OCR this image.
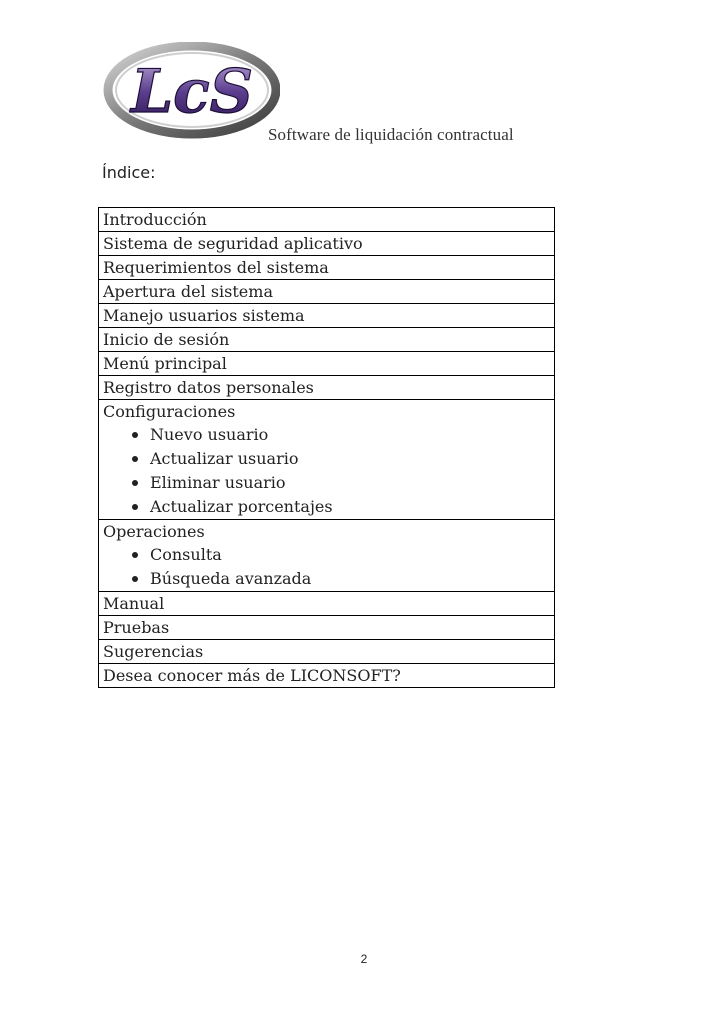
LcS
Software de liquidación contractual
Índice:
Introducción

Sistema de seguridad aplicativo

Requerimientos del sistema

Apertura del sistema

Manejo usuarios sistema

Inicio de sesión

Menú principal

Registro datos personales

Configuraciones
Nuevo usuario
Actualizar usuario
Eliminar usuario
Actualizar porcentajes

Operaciones
Consulta
Búsqueda avanzada

Manual

Pruebas

Sugerencias

Desea conocer más de LICONSOFT?
2
